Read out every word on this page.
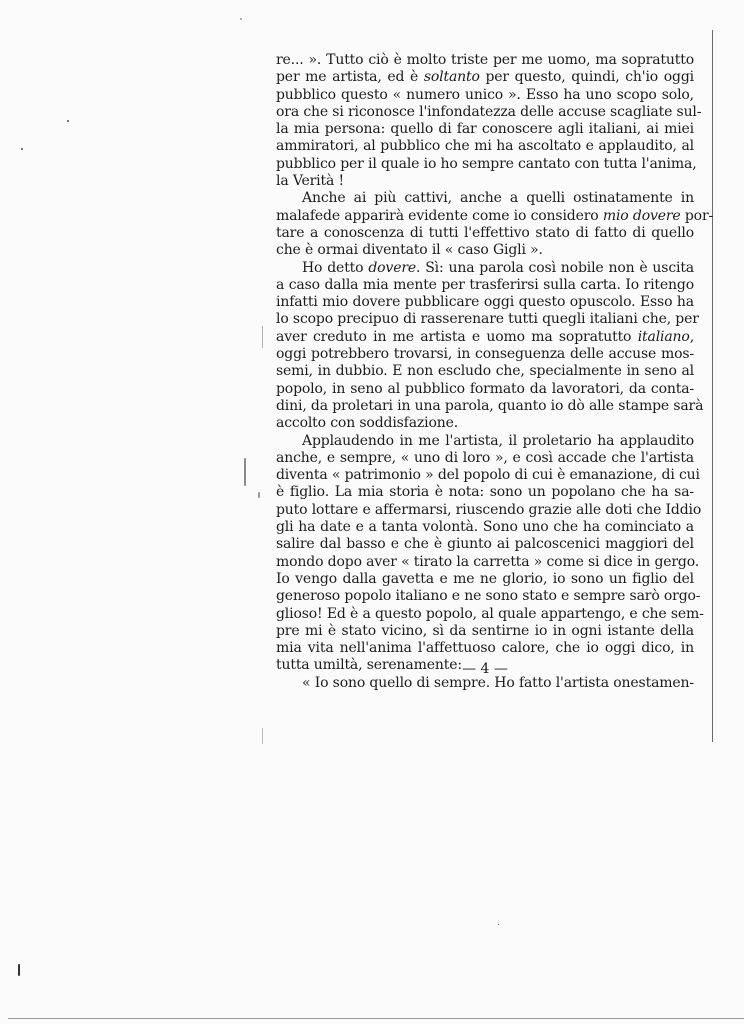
re... ». Tutto ciò è molto triste per me uomo, ma sopratutto
per me artista, ed è soltanto per questo, quindi, ch'io oggi
pubblico questo « numero unico ». Esso ha uno scopo solo,
ora che si riconosce l'infondatezza delle accuse scagliate sul-
la mia persona: quello di far conoscere agli italiani, ai miei
ammiratori, al pubblico che mi ha ascoltato e applaudito, al
pubblico per il quale io ho sempre cantato con tutta l'anima,
la Verità !
Anche ai più cattivi, anche a quelli ostinatamente in
malafede apparirà evidente come io considero mio dovere por-
tare a conoscenza di tutti l'effettivo stato di fatto di quello
che è ormai diventato il « caso Gigli ».
Ho detto dovere. Sì: una parola così nobile non è uscita
a caso dalla mia mente per trasferirsi sulla carta. Io ritengo
infatti mio dovere pubblicare oggi questo opuscolo. Esso ha
lo scopo precipuo di rasserenare tutti quegli italiani che, per
aver creduto in me artista e uomo ma sopratutto italiano,
oggi potrebbero trovarsi, in conseguenza delle accuse mos-
semi, in dubbio. E non escludo che, specialmente in seno al
popolo, in seno al pubblico formato da lavoratori, da conta-
dini, da proletari in una parola, quanto io dò alle stampe sarà
accolto con soddisfazione.
Applaudendo in me l'artista, il proletario ha applaudito
anche, e sempre, « uno di loro », e così accade che l'artista
diventa « patrimonio » del popolo di cui è emanazione, di cui
è figlio. La mia storia è nota: sono un popolano che ha sa-
puto lottare e affermarsi, riuscendo grazie alle doti che Iddio
gli ha date e a tanta volontà. Sono uno che ha cominciato a
salire dal basso e che è giunto ai palcoscenici maggiori del
mondo dopo aver « tirato la carretta » come si dice in gergo.
Io vengo dalla gavetta e me ne glorio, io sono un figlio del
generoso popolo italiano e ne sono stato e sempre sarò orgo-
glioso! Ed è a questo popolo, al quale appartengo, e che sem-
pre mi è stato vicino, sì da sentirne io in ogni istante della
mia vita nell'anima l'affettuoso calore, che io oggi dico, in
tutta umiltà, serenamente:
« Io sono quello di sempre. Ho fatto l'artista onestamen-
— 4 —
